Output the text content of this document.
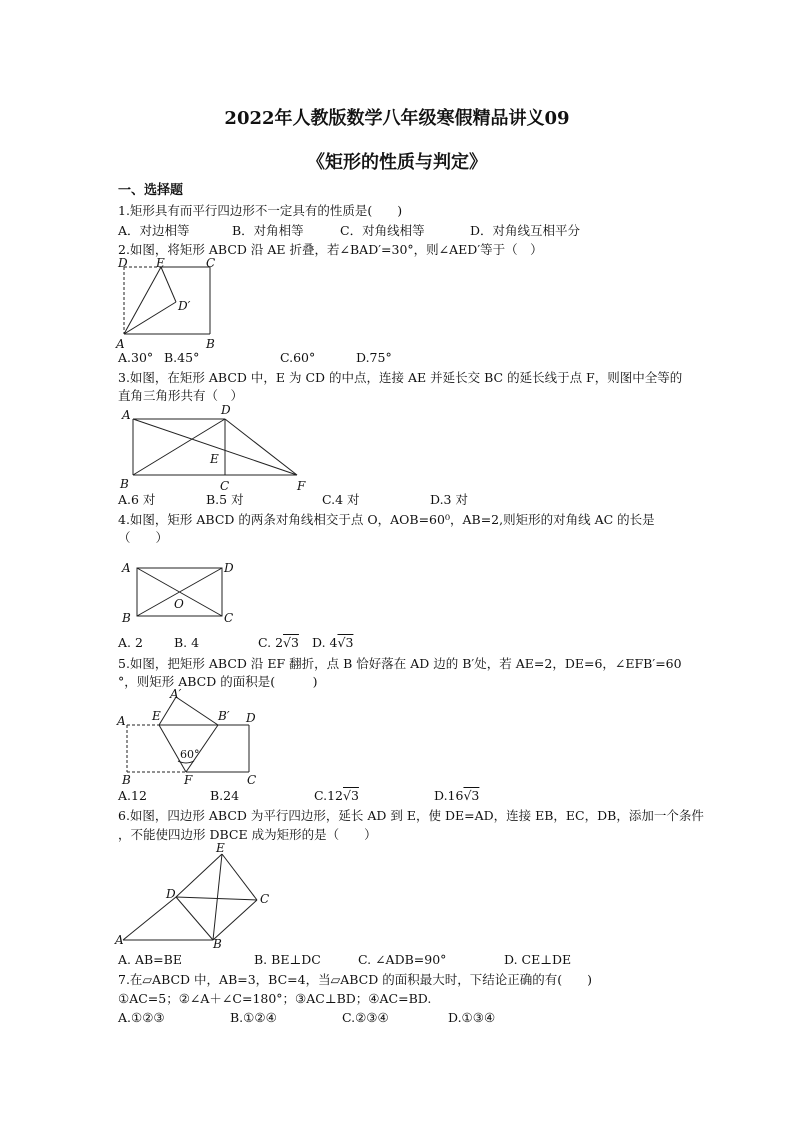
2022年人教版数学八年级寒假精品讲义09
《矩形的性质与判定》
一、选择题
1.矩形具有而平行四边形不一定具有的性质是(　　)
A．对边相等	B．对角相等	C．对角线相等	D．对角线互相平分
2.如图，将矩形 ABCD 沿 AE 折叠，若∠BAD′=30°，则∠AED′等于（　）
D E	C
D′
A	B
A.30° B.45°	C.60°	D.75°
3.如图，在矩形 ABCD 中，E 为 CD 的中点，连接 AE 并延长交 BC 的延长线于点 F，则图中全等的
直角三角形共有（　）
A	D
E
B	C	F
A.6 对	B.5 对	C.4 对	D.3 对
4.如图，矩形 ABCD 的两条对角线相交于点 O，AOB=60⁰，AB=2,则矩形的对角线 AC 的长是
（　　）
A	D
O
B	C
A. 2 B. 4	C. 2√3 D. 4√3
5.如图，把矩形 ABCD 沿 EF 翻折，点 B 恰好落在 AD 边的 B′处，若 AE=2，DE=6，∠EFB′=60
°，则矩形 ABCD 的面积是(　　　)
A′
A E	B′ D
60°
B	F	C
A.12	B.24	C.12√3	D.16√3
6.如图，四边形 ABCD 为平行四边形，延长 AD 到 E，使 DE=AD，连接 EB，EC，DB，添加一个条件
，不能使四边形 DBCE 成为矩形的是（　　）
E
D	C
A	B
A. AB=BE	B. BE⊥DC	C. ∠ADB=90°	D. CE⊥DE
7.在▱ABCD 中，AB=3，BC=4，当▱ABCD 的面积最大时，下结论正确的有(　　)
①AC=5；②∠A＋∠C=180°；③AC⊥BD；④AC=BD.
A.①②③	B.①②④	C.②③④	D.①③④
